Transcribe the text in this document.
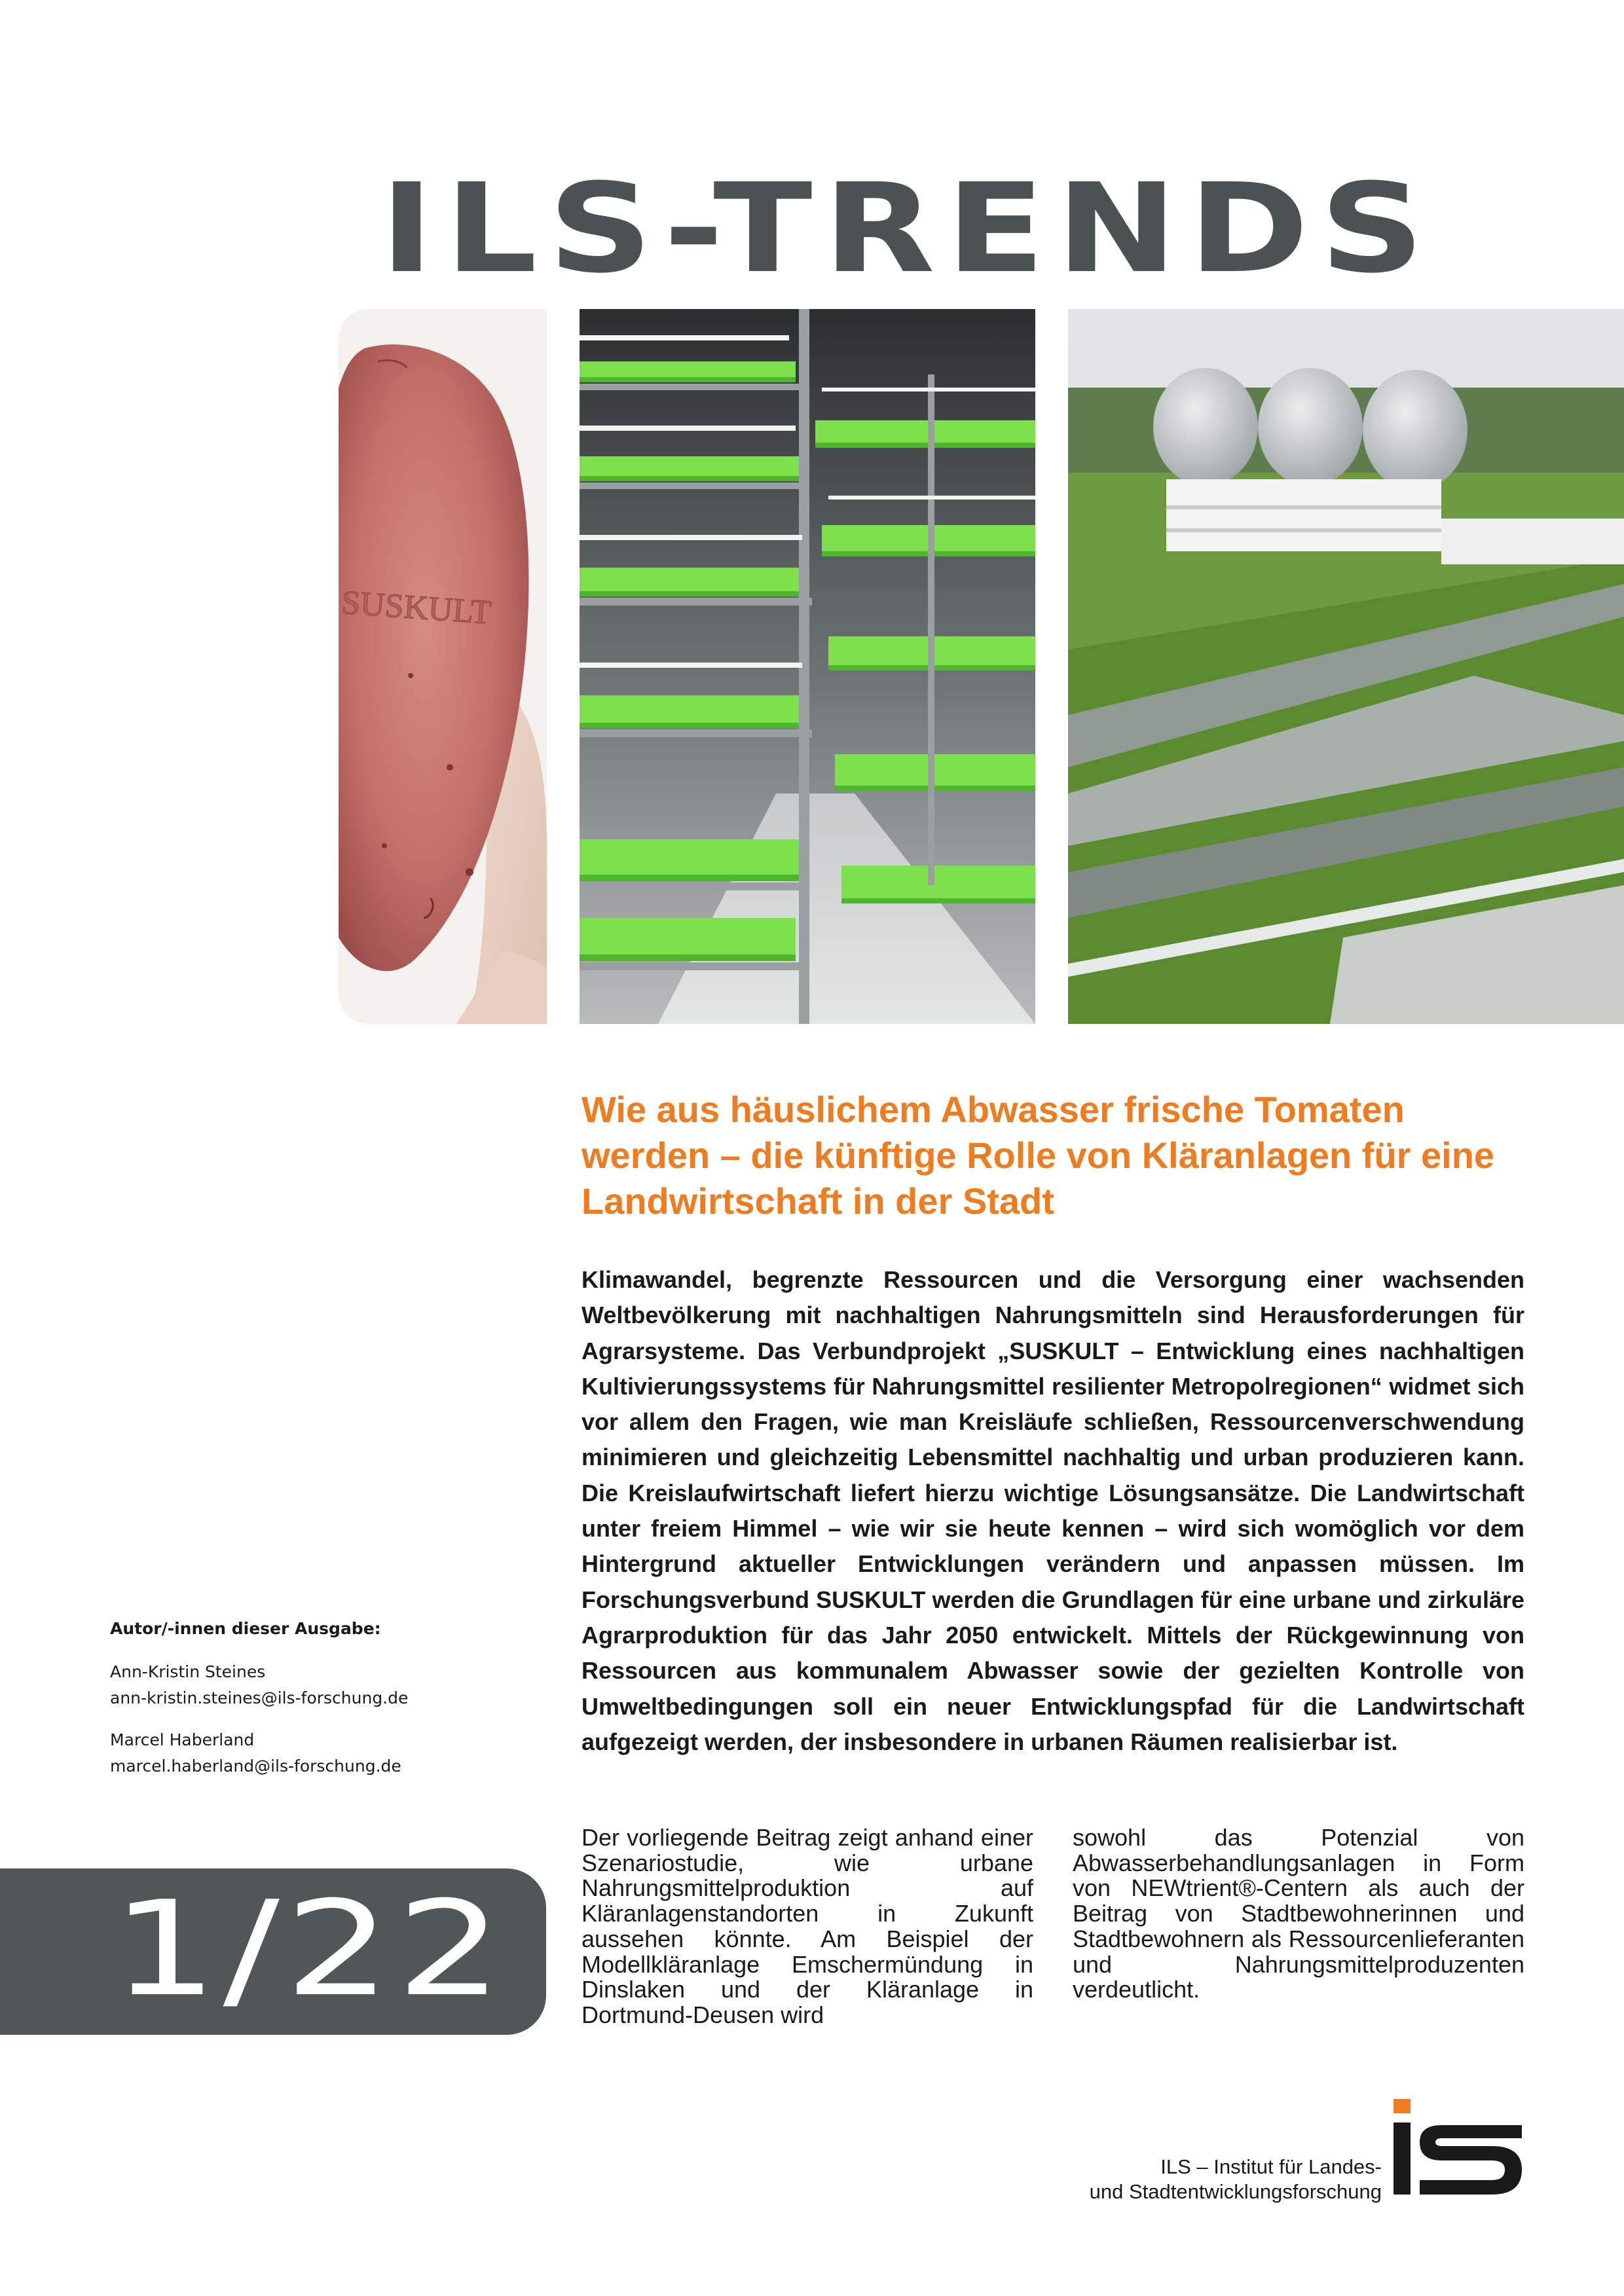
ILS-TRENDS
SUSKULT
Wie aus häuslichem Abwasser frische Tomaten
werden – die künftige Rolle von Kläranlagen für eine
Landwirtschaft in der Stadt

Klimawandel, begrenzte Ressourcen und die Versorgung einer wachsenden Weltbevölkerung mit nachhaltigen Nahrungsmitteln sind Herausforderungen für Agrarsysteme. Das Verbundprojekt „SUSKULT – Entwicklung eines nachhaltigen Kultivierungssystems für Nahrungsmittel resilienter Metropolregionen“ widmet sich vor allem den Fragen, wie man Kreisläufe schließen, Ressourcenverschwendung minimieren und gleichzeitig Lebensmittel nachhaltig und urban produzieren kann. Die Kreislaufwirtschaft liefert hierzu wichtige Lösungsansätze. Die Landwirtschaft unter freiem Himmel – wie wir sie heute kennen – wird sich womöglich vor dem Hintergrund aktueller Entwicklungen verändern und anpassen müssen. Im Forschungsverbund SUSKULT werden die Grundlagen für eine urbane und zirkuläre Agrarproduktion für das Jahr 2050 entwickelt. Mittels der Rückgewinnung von Ressourcen aus kommunalem Abwasser sowie der gezielten Kontrolle von Umweltbedingungen soll ein neuer Entwicklungspfad für die Landwirtschaft aufgezeigt werden, der insbesondere in urbanen Räumen realisierbar ist.

Der vorliegende Beitrag zeigt anhand einer Szenariostudie, wie urbane Nahrungsmittelproduktion auf Kläranlagenstandorten in Zukunft aussehen könnte. Am Beispiel der Modellkläranlage Emschermündung in Dinslaken und der Kläranlage in Dortmund-Deusen wird

sowohl das Potenzial von Abwasserbehandlungsanlagen in Form von NEWtrient®-Centern als auch der Beitrag von Stadtbewohnerinnen und Stadtbewohnern als Ressourcenlieferanten und Nahrungsmittelproduzenten verdeutlicht.

Autor/-innen dieser Ausgabe:
Ann-Kristin Steines
ann-kristin.steines@ils-forschung.de
Marcel Haberland
marcel.haberland@ils-forschung.de
1/22
ILS – Institut für Landes-
und Stadtentwicklungsforschung
